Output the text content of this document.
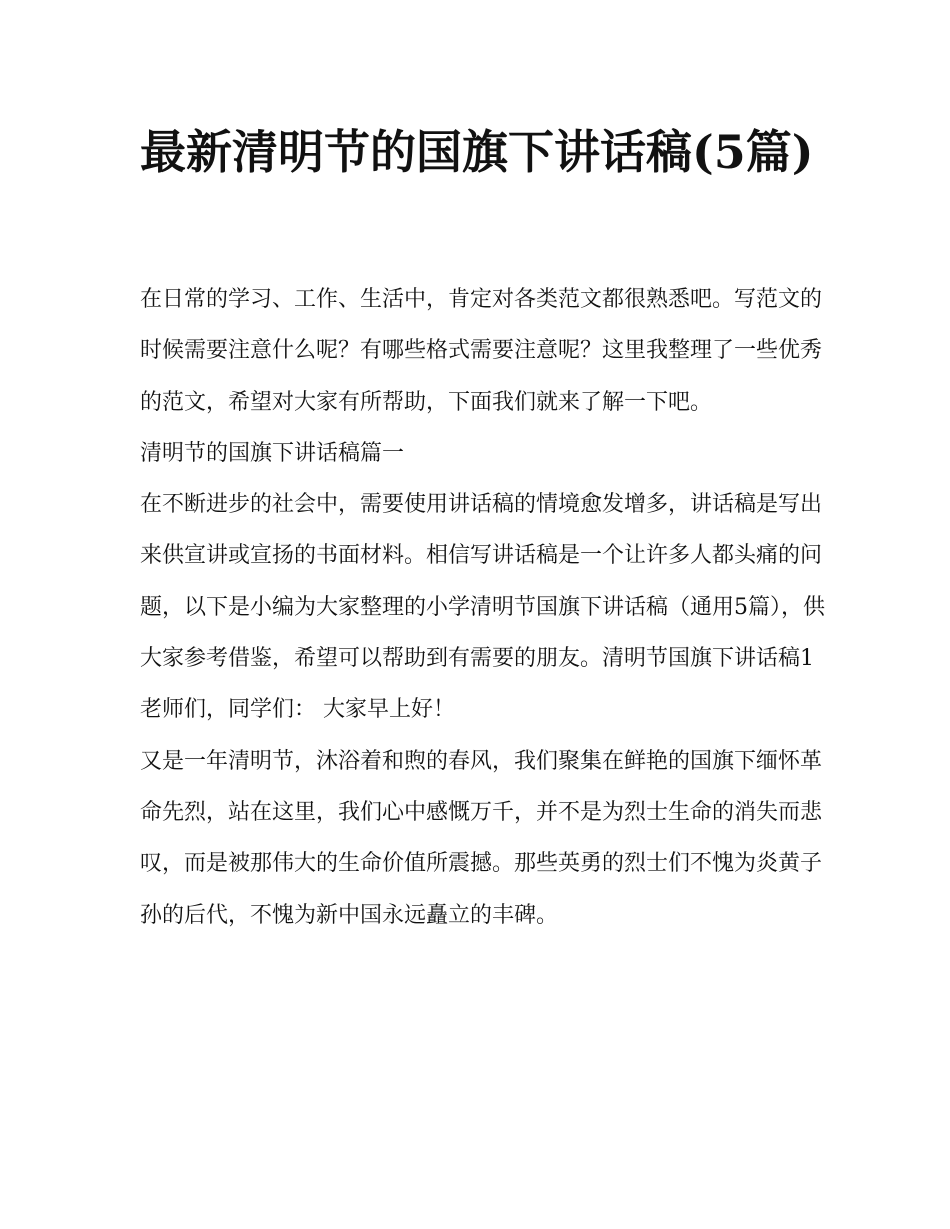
最新清明节的国旗下讲话稿(5篇)

在日常的学习、工作、生活中，肯定对各类范文都很熟悉吧。写范文的时候需要注意什么呢？有哪些格式需要注意呢？这里我整理了一些优秀的范文，希望对大家有所帮助，下面我们就来了解一下吧。

清明节的国旗下讲话稿篇一

在不断进步的社会中，需要使用讲话稿的情境愈发增多，讲话稿是写出来供宣讲或宣扬的书面材料。相信写讲话稿是一个让许多人都头痛的问题，以下是小编为大家整理的小学清明节国旗下讲话稿（通用5篇），供大家参考借鉴，希望可以帮助到有需要的朋友。清明节国旗下讲话稿1

老师们，同学们： 大家早上好！

又是一年清明节，沐浴着和煦的春风，我们聚集在鲜艳的国旗下缅怀革命先烈，站在这里，我们心中感慨万千，并不是为烈士生命的消失而悲叹，而是被那伟大的生命价值所震撼。那些英勇的烈士们不愧为炎黄子孙的后代，不愧为新中国永远矗立的丰碑。
